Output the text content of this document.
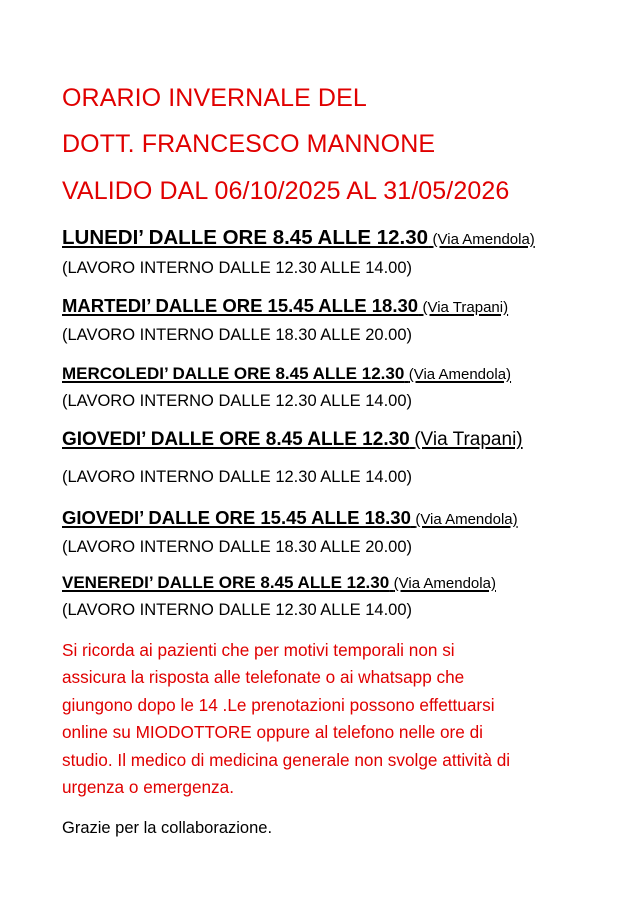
ORARIO INVERNALE DEL
DOTT. FRANCESCO MANNONE
VALIDO DAL 06/10/2025 AL 31/05/2026
LUNEDI’ DALLE ORE 8.45 ALLE 12.30 (Via Amendola)
(LAVORO INTERNO DALLE 12.30 ALLE 14.00)
MARTEDI’ DALLE ORE 15.45 ALLE 18.30 (Via Trapani)
(LAVORO INTERNO DALLE 18.30 ALLE 20.00)
MERCOLEDI’ DALLE ORE 8.45 ALLE 12.30 (Via Amendola)
(LAVORO INTERNO DALLE 12.30 ALLE 14.00)
GIOVEDI’ DALLE ORE 8.45 ALLE 12.30 (Via Trapani)
(LAVORO INTERNO DALLE 12.30 ALLE 14.00)
GIOVEDI’ DALLE ORE 15.45 ALLE 18.30 (Via Amendola)
(LAVORO INTERNO DALLE 18.30 ALLE 20.00)
VENEREDI’ DALLE ORE 8.45 ALLE 12.30 (Via Amendola)
(LAVORO INTERNO DALLE 12.30 ALLE 14.00)

Si ricorda ai pazienti che per motivi temporali non si
assicura la risposta alle telefonate o ai whatsapp che
giungono dopo le 14 .Le prenotazioni possono effettuarsi
online su MIODOTTORE oppure al telefono nelle ore di
studio. Il medico di medicina generale non svolge attività di
urgenza o emergenza.

Grazie per la collaborazione.
